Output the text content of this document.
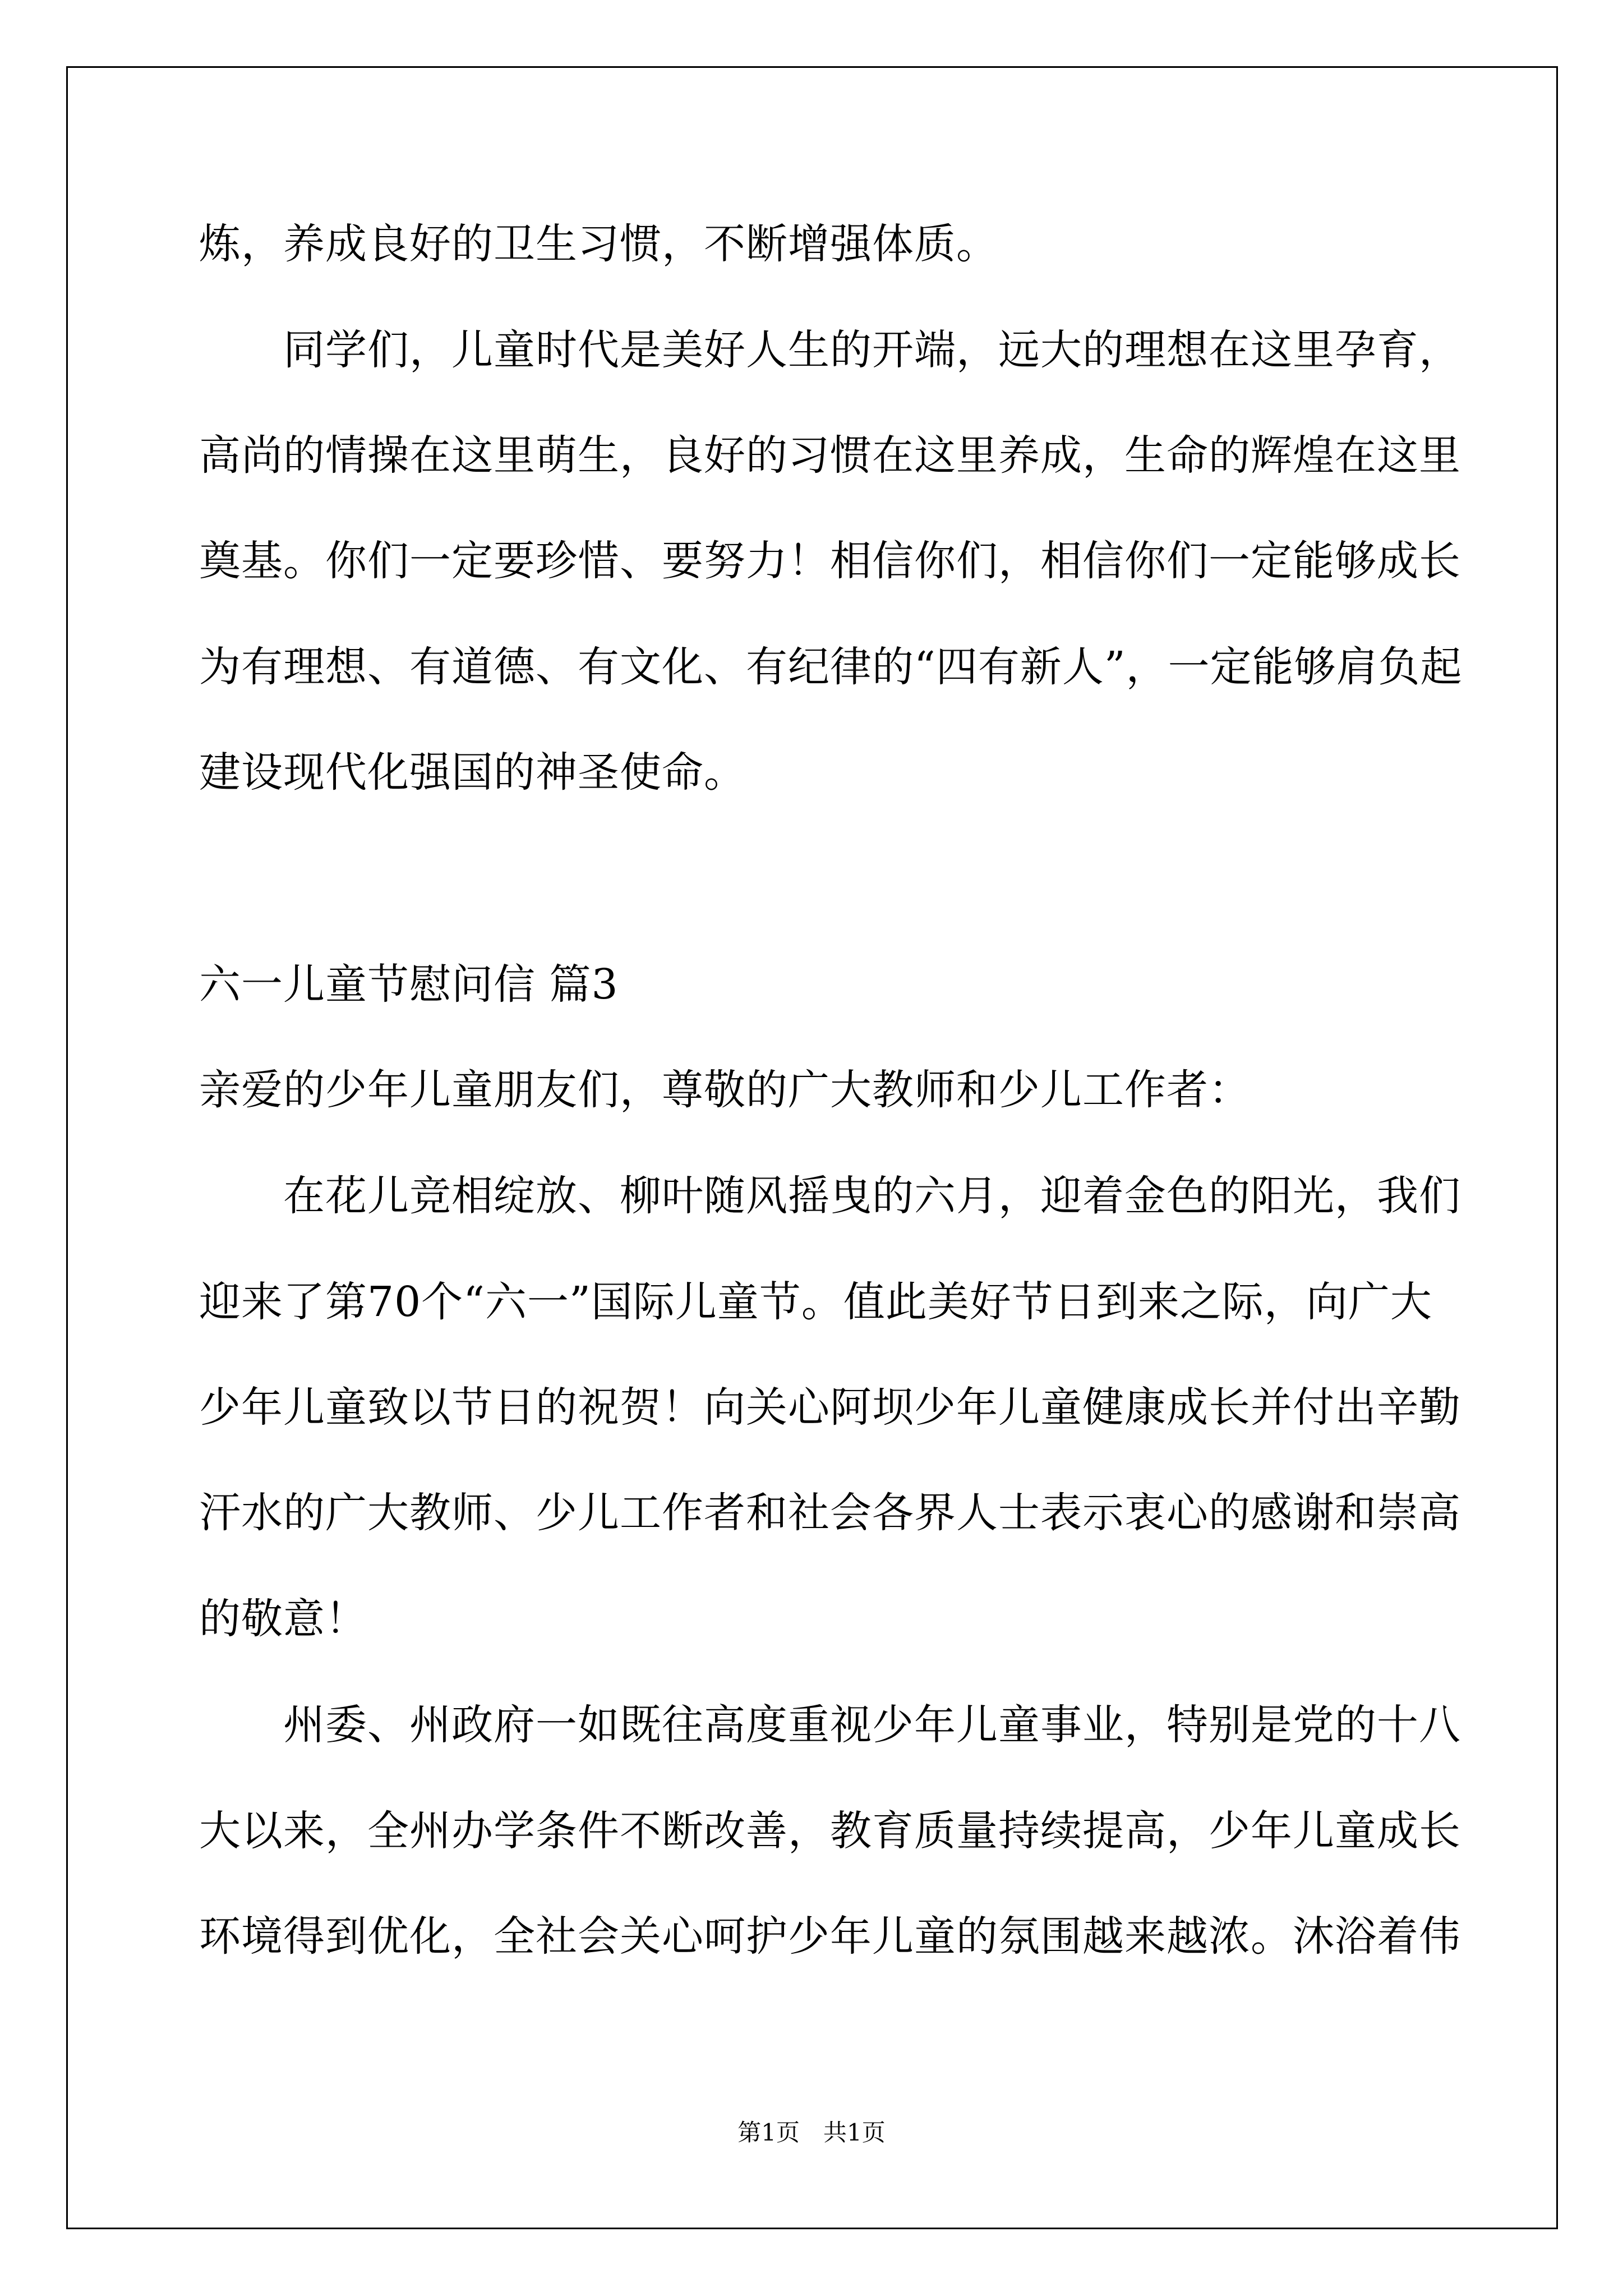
炼，养成良好的卫生习惯，不断增强体质。
同学们，儿童时代是美好人生的开端，远大的理想在这里孕育，
高尚的情操在这里萌生，良好的习惯在这里养成，生命的辉煌在这里
奠基。你们一定要珍惜、要努力！相信你们，相信你们一定能够成长
为有理想、有道德、有文化、有纪律的“四有新人”，一定能够肩负起
建设现代化强国的神圣使命。
六一儿童节慰问信 篇3
亲爱的少年儿童朋友们，尊敬的广大教师和少儿工作者：
在花儿竞相绽放、柳叶随风摇曳的六月，迎着金色的阳光，我们
迎来了第70个“六一”国际儿童节。值此美好节日到来之际，向广大
少年儿童致以节日的祝贺！向关心阿坝少年儿童健康成长并付出辛勤
汗水的广大教师、少儿工作者和社会各界人士表示衷心的感谢和崇高
的敬意！
州委、州政府一如既往高度重视少年儿童事业，特别是党的十八
大以来，全州办学条件不断改善，教育质量持续提高，少年儿童成长
环境得到优化，全社会关心呵护少年儿童的氛围越来越浓。沐浴着伟
第1页　共1页
